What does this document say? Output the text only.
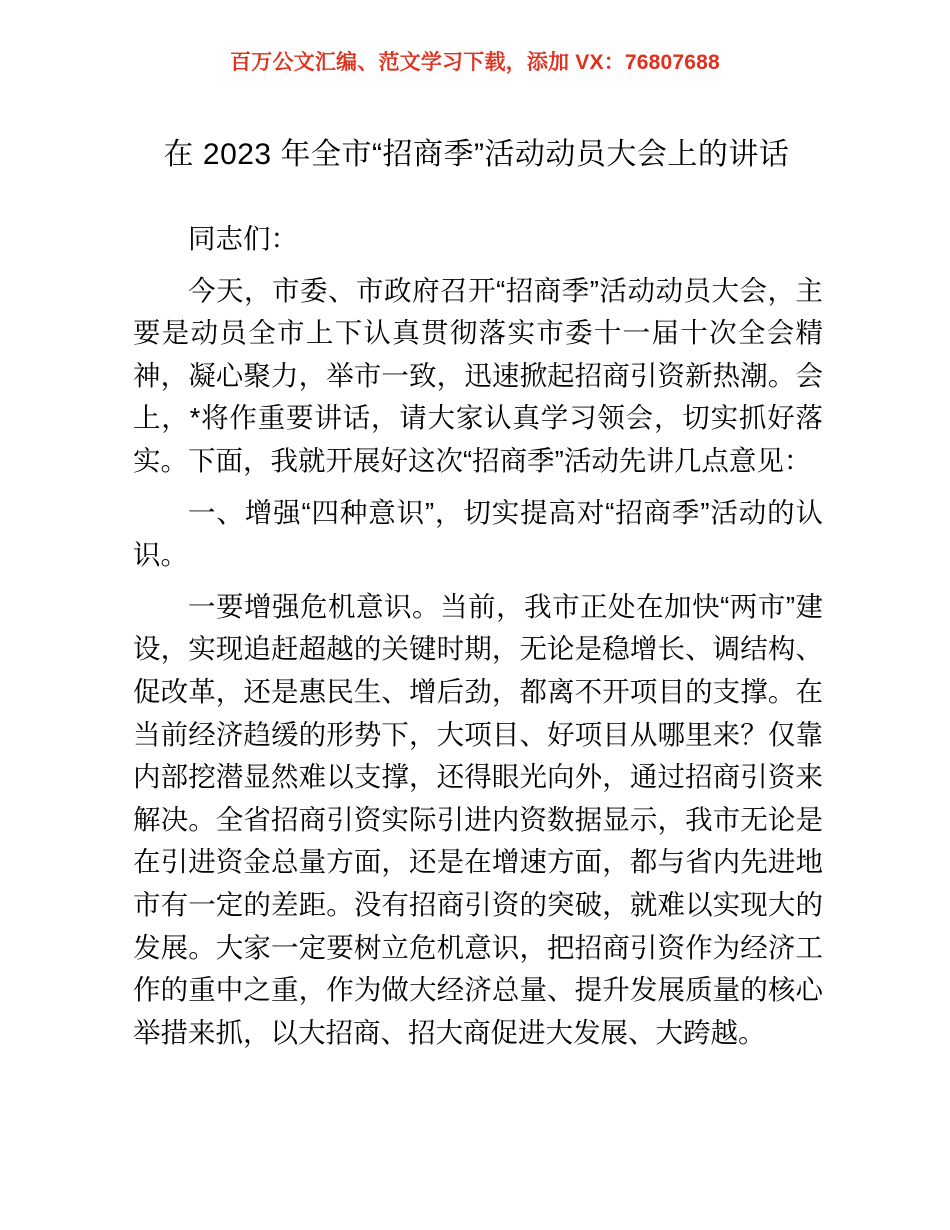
百万公文汇编、范文学习下载，添加 VX：76807688
在 2023 年全市“招商季”活动动员大会上的讲话

同志们：

今天，市委、市政府召开“招商季”活动动员大会，主要是动员全市上下认真贯彻落实市委十一届十次全会精神，凝心聚力，举市一致，迅速掀起招商引资新热潮。会上，*将作重要讲话，请大家认真学习领会，切实抓好落实。下面，我就开展好这次“招商季”活动先讲几点意见：

一、增强“四种意识”，切实提高对“招商季”活动的认识。

一要增强危机意识。当前，我市正处在加快“两市”建设，实现追赶超越的关键时期，无论是稳增长、调结构、促改革，还是惠民生、增后劲，都离不开项目的支撑。在当前经济趋缓的形势下，大项目、好项目从哪里来？仅靠内部挖潜显然难以支撑，还得眼光向外，通过招商引资来解决。全省招商引资实际引进内资数据显示，我市无论是在引进资金总量方面，还是在增速方面，都与省内先进地市有一定的差距。没有招商引资的突破，就难以实现大的发展。大家一定要树立危机意识，把招商引资作为经济工作的重中之重，作为做大经济总量、提升发展质量的核心举措来抓，以大招商、招大商促进大发展、大跨越。
